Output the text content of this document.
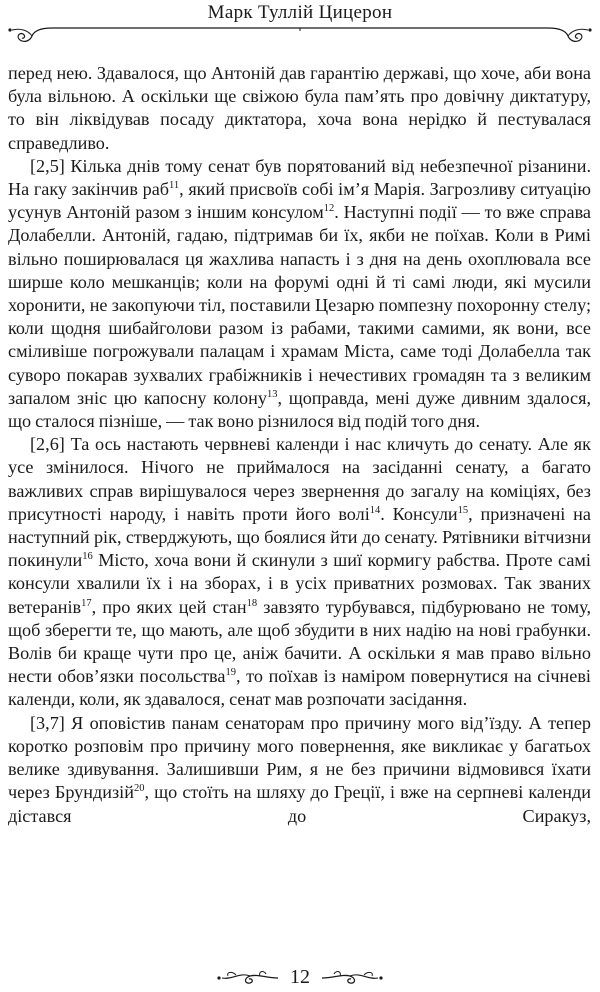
Марк Туллій Цицерон

перед нею. Здавалося, що Антоній дав гарантію державі, що хоче, аби вона була вільною. А оскільки ще свіжою була пам’ять про довічну диктатуру, то він ліквідував посаду диктатора, хоча вона нерідко й пестувалася справедливо.

[2,5] Кілька днів тому сенат був порятований від небезпечної різанини. На гаку закінчив раб$^{11}$, який присвоїв собі ім’я Марія. Загрозливу ситуацію усунув Антоній разом з іншим консулом$^{12}$. Наступні події — то вже справа Долабелли. Антоній, гадаю, підтримав би їх, якби не поїхав. Коли в Римі вільно поширювалася ця жахлива напасть і з дня на день охоплювала все ширше коло мешканців; коли на форумі одні й ті самі люди, які мусили хоронити, не закопуючи тіл, поставили Цезарю помпезну похоронну стелу; коли щодня шибайголови разом із рабами, такими самими, як вони, все сміливіше погрожували палацам і храмам Міста, саме тоді Долабелла так суворо покарав зухвалих грабіжників і нечестивих громадян та з великим запалом зніс цю капосну колону$^{13}$, щоправда, мені дуже дивним здалося, що сталося пізніше, — так воно різнилося від подій того дня.

[2,6] Та ось настають червневі календи і нас кличуть до сенату. Але як усе змінилося. Нічого не приймалося на засіданні сенату, а багато важливих справ вирішувалося через звернення до загалу на коміціях, без присутності народу, і навіть проти його волі$^{14}$. Консули$^{15}$, призначені на наступний рік, стверджують, що боялися йти до сенату. Рятівники вітчизни покинули$^{16}$ Місто, хоча вони й скинули з шиї кормигу рабства. Проте самі консули хвалили їх і на зборах, і в усіх приватних розмовах. Так званих ветеранів$^{17}$, про яких цей стан$^{18}$ завзято турбувався, підбурювано не тому, щоб зберегти те, що мають, але щоб збудити в них надію на нові грабунки. Волів би краще чути про це, аніж бачити. А оскільки я мав право вільно нести обов’язки посольства$^{19}$, то поїхав із наміром повернутися на січневі календи, коли, як здавалося, сенат мав розпочати засідання.

[3,7] Я оповістив панам сенаторам про причину мого від’їзду. А тепер коротко розповім про причину мого повернення, яке викликає у багатьох велике здивування. Залишивши Рим, я не без причини відмовився їхати через Брундизій$^{20}$, що стоїть на шляху до Греції, і вже на серпневі календи дістався до Сиракуз,

12
